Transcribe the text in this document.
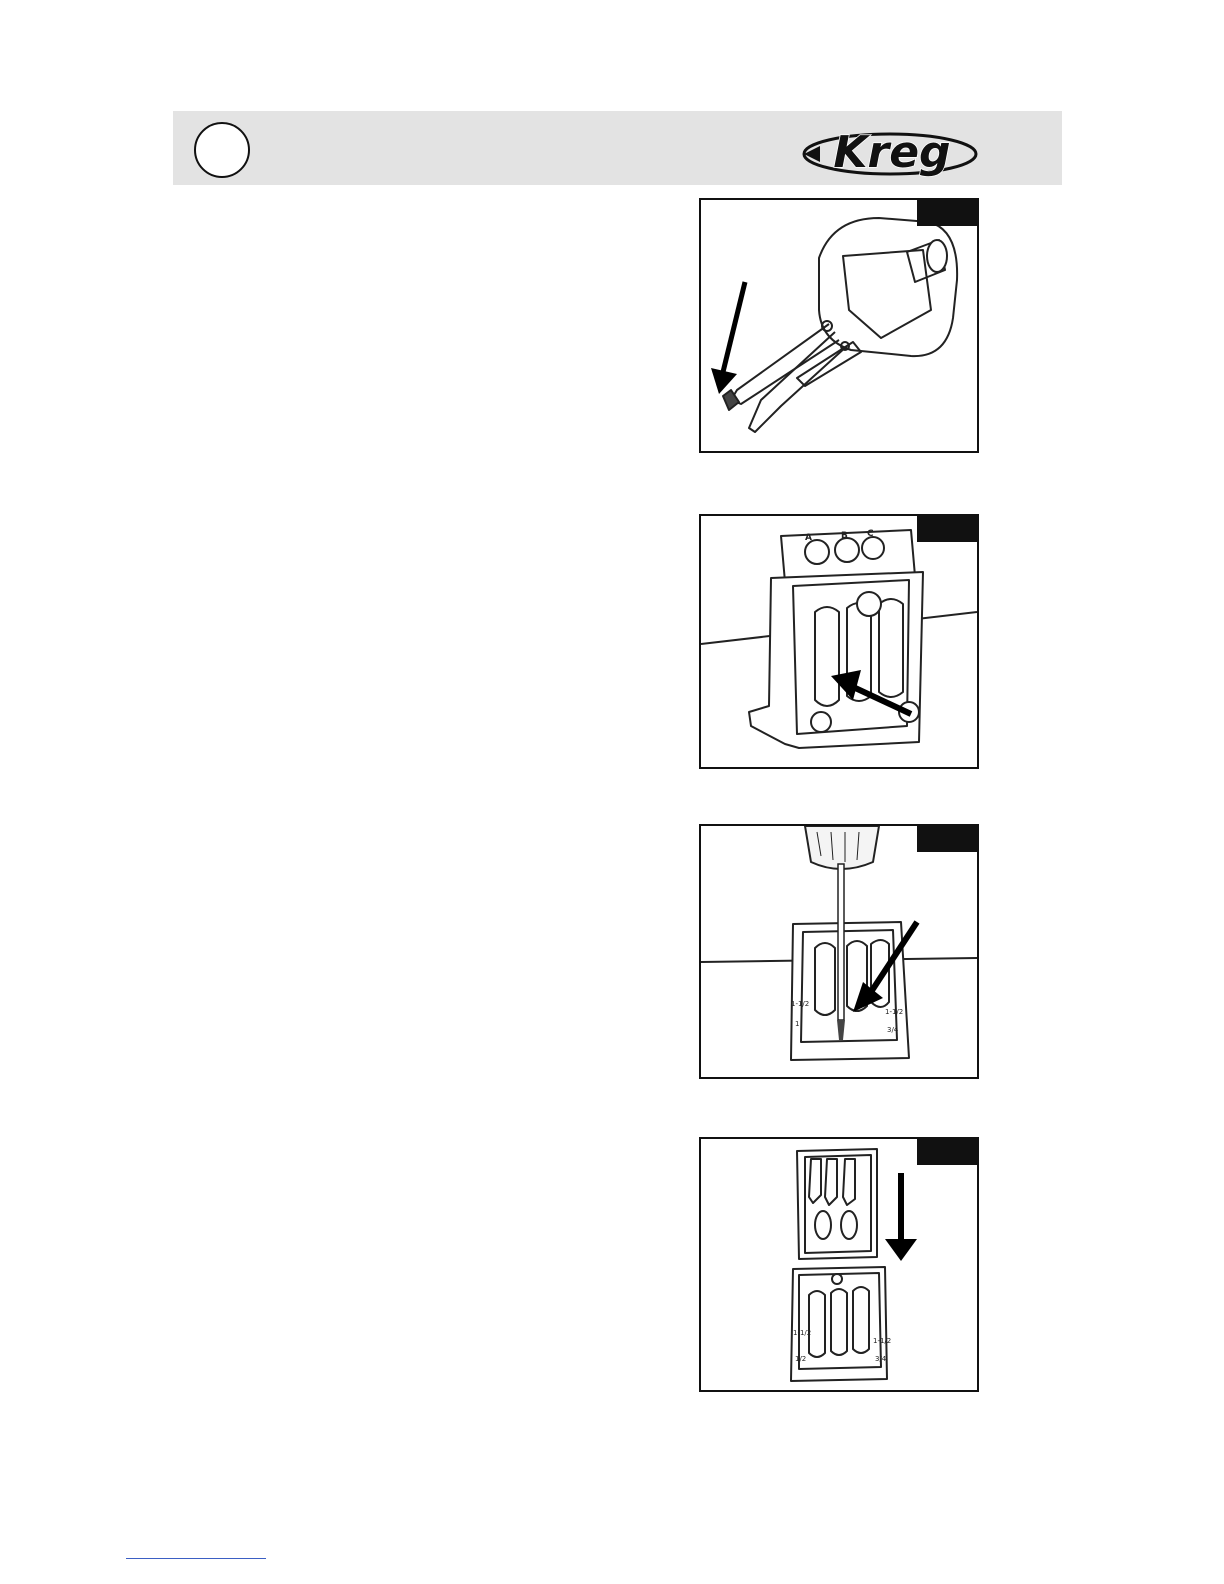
Kreg
A	B C
1-1/2
1
1-1/2
3/4
1-1/2
1/2
1-1/2
3/4
